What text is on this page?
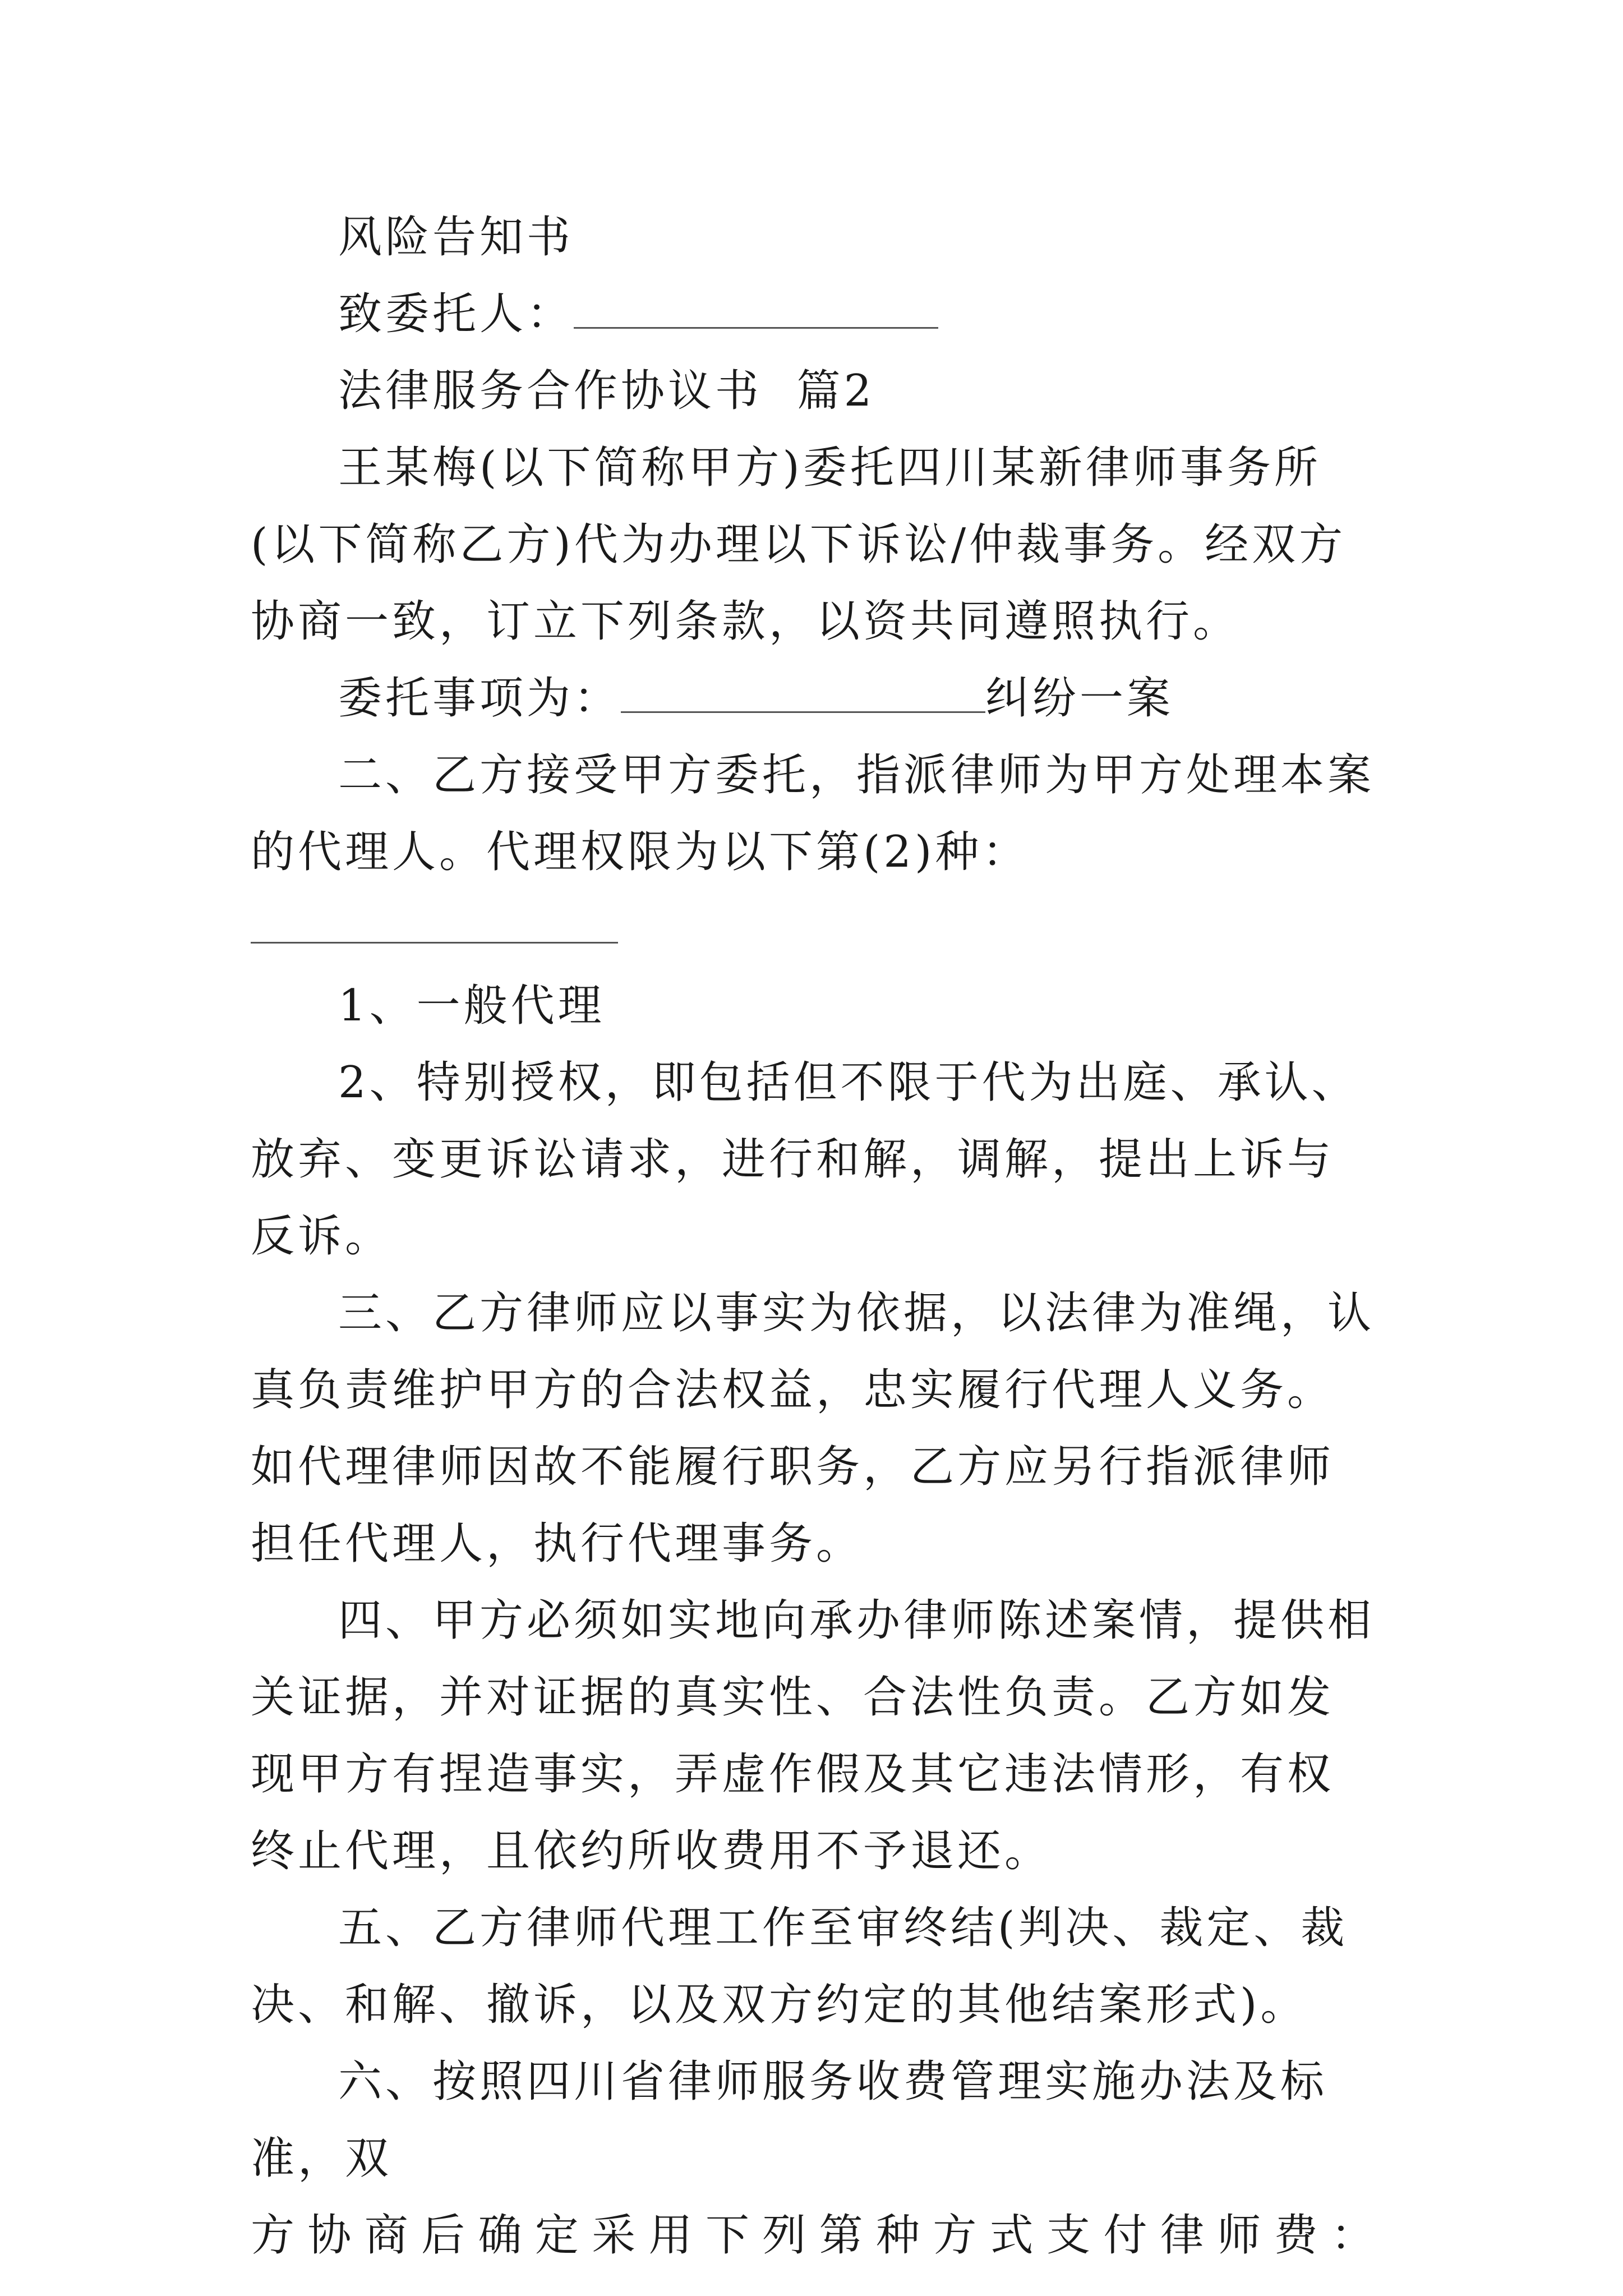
风险告知书

致委托人：

法律服务合作协议书  篇2

王某梅(以下简称甲方)委托四川某新律师事务所(以下简称乙方)代为办理以下诉讼/仲裁事务。经双方协商一致，订立下列条款，以资共同遵照执行。

委托事项为：	纠纷一案

二、乙方接受甲方委托，指派律师为甲方处理本案的代理人。代理权限为以下第(2)种：

1、一般代理

2、特别授权，即包括但不限于代为出庭、承认、放弃、变更诉讼请求，进行和解，调解，提出上诉与反诉。

三、乙方律师应以事实为依据，以法律为准绳，认真负责维护甲方的合法权益，忠实履行代理人义务。如代理律师因故不能履行职务，乙方应另行指派律师担任代理人，执行代理事务。

四、甲方必须如实地向承办律师陈述案情，提供相关证据，并对证据的真实性、合法性负责。乙方如发现甲方有捏造事实，弄虚作假及其它违法情形，有权终止代理，且依约所收费用不予退还。

五、乙方律师代理工作至审终结(判决、裁定、裁决、和解、撤诉，以及双方约定的其他结案形式)。

六、按照四川省律师服务收费管理实施办法及标准，双

方协商后确定采用下列第种方式支付律师费：
